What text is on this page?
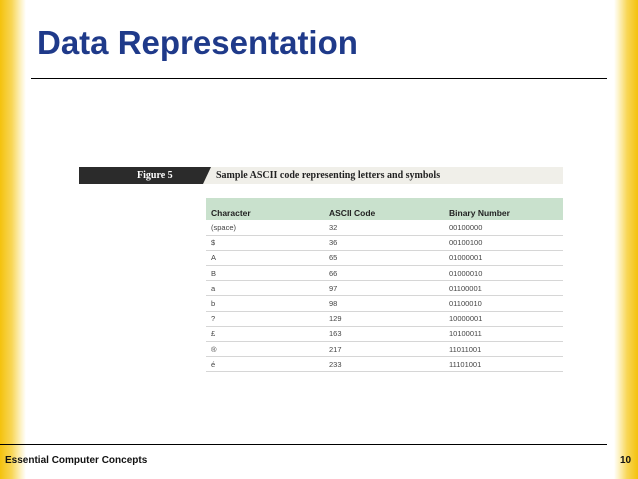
Data Representation
Figure 5	Sample ASCII code representing letters and symbols
Character	ASCII Code	Binary Number
(space)	32	00100000
$	36	00100100
A	65	01000001
B	66	01000010
a	97	01100001
b	98	01100010
?	129	10000001
£	163	10100011
®	217	11011001
é	233	11101001
Essential Computer Concepts	10
